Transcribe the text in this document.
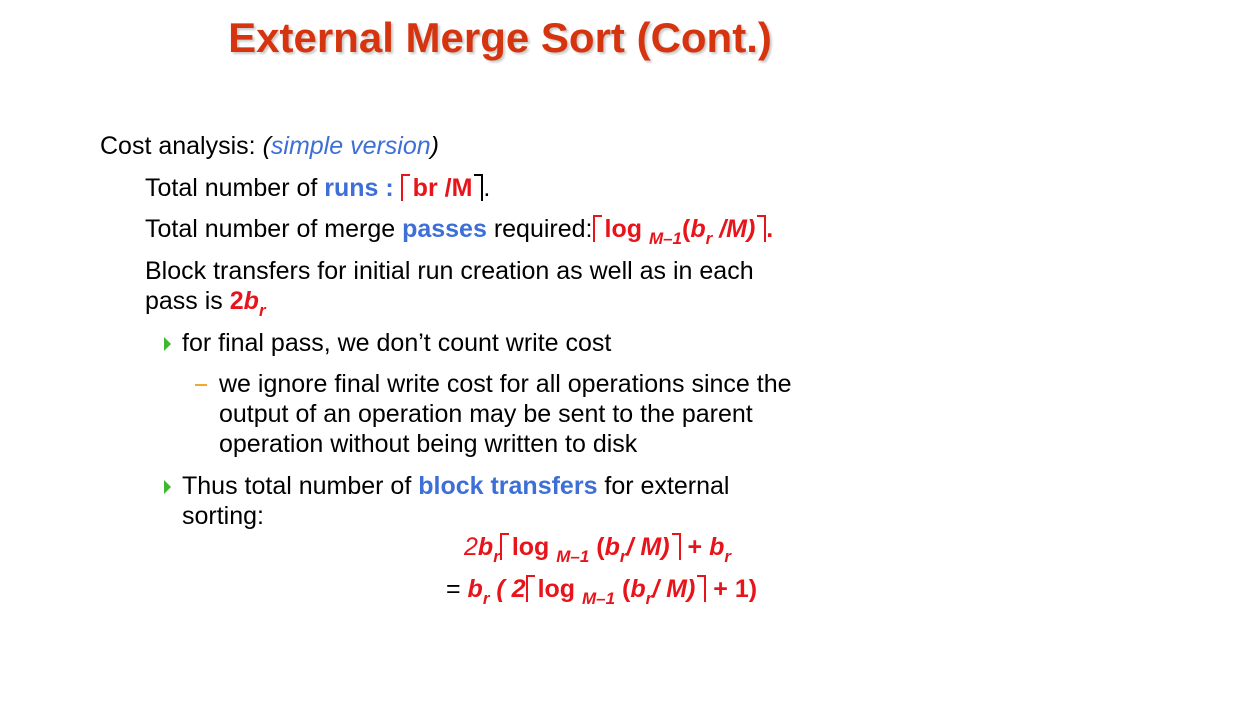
External Merge Sort (Cont.)
Cost analysis: (simple version)
Total number of runs : br /M .
Total number of merge passes required: $\log _{M-1}(b_r$ /M) .
Block transfers for initial run creation as well as in each
pass is $2b_r$
for final pass, we don’t count write cost
we ignore final write cost for all operations since the
output of an operation may be sent to the parent
operation without being written to disk
Thus total number of block transfers for external
sorting:
$2b_r$ log $_{M-1}$ ($b_r/$ $M) + b_r$
= $b_r$ ( 2 log $_{M-1}$ ($b_r/$ M) + 1)
